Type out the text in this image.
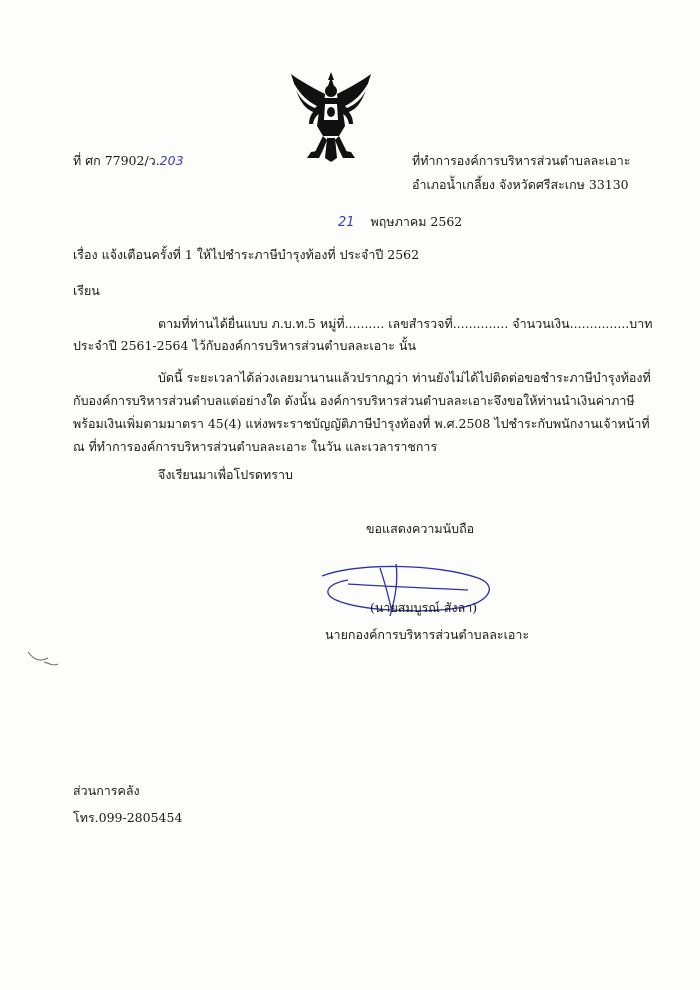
ที่ ศก 77902/ว.203	ที่ทำการองค์การบริหารส่วนตำบลละเอาะ
อำเภอน้ำเกลี้ยง จังหวัดศรีสะเกษ 33130
21 พฤษภาคม 2562
เรื่อง แจ้งเตือนครั้งที่ 1 ให้ไปชำระภาษีบำรุงท้องที่ ประจำปี 2562
เรียน
ตามที่ท่านได้ยื่นแบบ ภ.บ.ท.5 หมู่ที่.......... เลขสำรวจที่.............. จำนวนเงิน...............บาท
ประจำปี 2561-2564 ไว้กับองค์การบริหารส่วนตำบลละเอาะ นั้น
บัดนี้ ระยะเวลาได้ล่วงเลยมานานแล้วปรากฏว่า ท่านยังไม่ได้ไปติดต่อขอชำระภาษีบำรุงท้องที่
กับองค์การบริหารส่วนตำบลแต่อย่างใด ดังนั้น องค์การบริหารส่วนตำบลละเอาะจึงขอให้ท่านนำเงินค่าภาษี
พร้อมเงินเพิ่มตามมาตรา 45(4) แห่งพระราชบัญญัติภาษีบำรุงท้องที่ พ.ศ.2508 ไปชำระกับพนักงานเจ้าหน้าที่
ณ ที่ทำการองค์การบริหารส่วนตำบลละเอาะ ในวัน และเวลาราชการ
จึงเรียนมาเพื่อโปรดทราบ
ขอแสดงความนับถือ
(นายสมบูรณ์ สังลา)
นายกองค์การบริหารส่วนตำบลละเอาะ
ส่วนการคลัง
โทร.099-2805454
